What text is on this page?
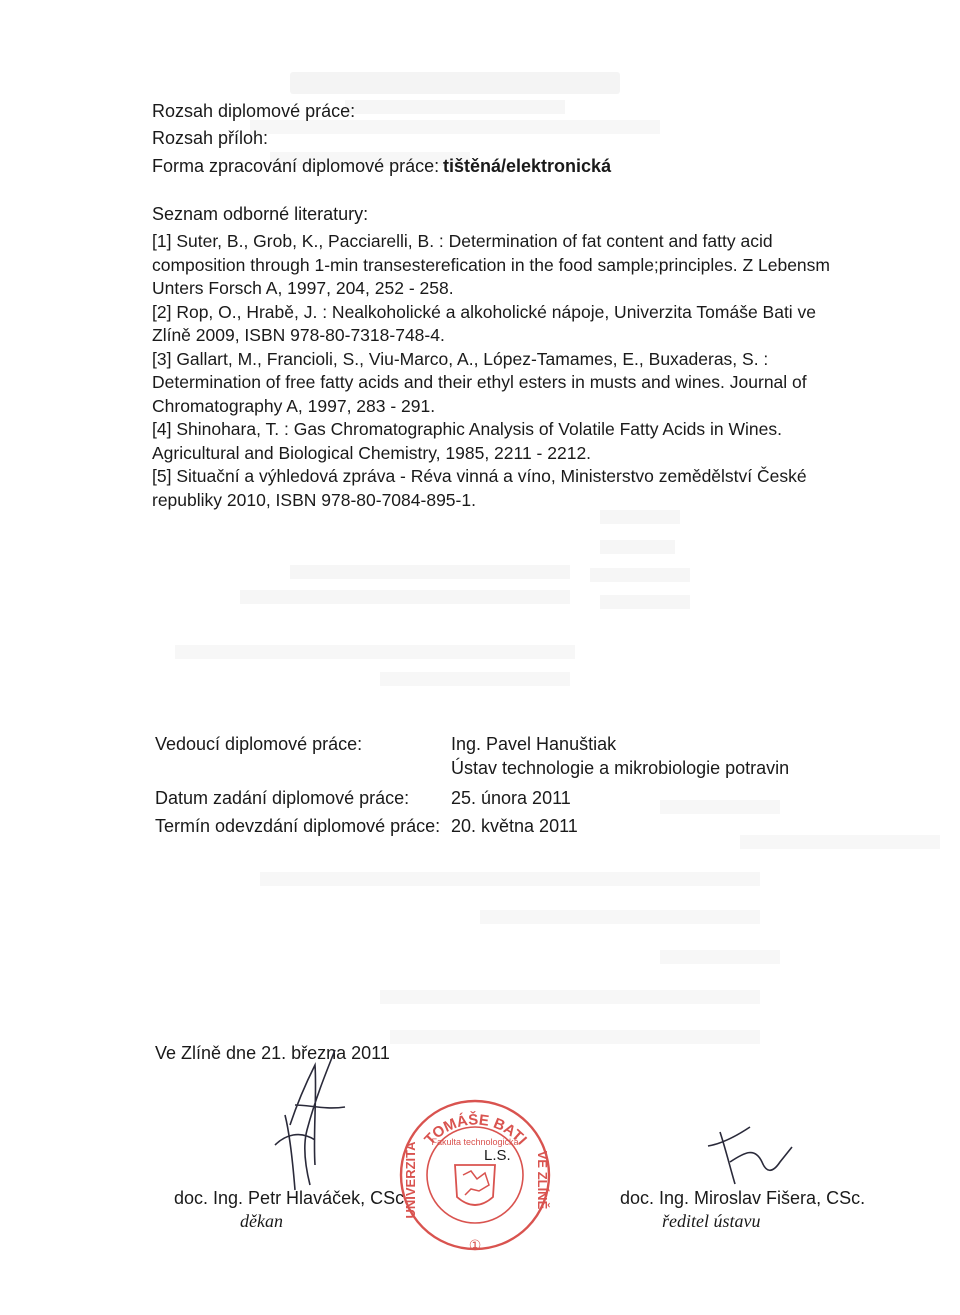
Rozsah diplomové práce:
Rozsah příloh:
Forma zpracování diplomové práce: tištěná/elektronická
Seznam odborné literatury:
[1] Suter, B., Grob, K., Pacciarelli, B. : Determination of fat content and fatty acid
composition through 1-min transesterefication in the food sample;principles. Z Lebensm
Unters Forsch A, 1997, 204, 252 - 258.
[2] Rop, O., Hrabě, J. : Nealkoholické a alkoholické nápoje, Univerzita Tomáše Bati ve
Zlíně 2009, ISBN 978-80-7318-748-4.
[3] Gallart, M., Francioli, S., Viu-Marco, A., López-Tamames, E., Buxaderas, S. :
Determination of free fatty acids and their ethyl esters in musts and wines. Journal of
Chromatography A, 1997, 283 - 291.
[4] Shinohara, T. : Gas Chromatographic Analysis of Volatile Fatty Acids in Wines.
Agricultural and Biological Chemistry, 1985, 2211 - 2212.
[5] Situační a výhledová zpráva - Réva vinná a víno, Ministerstvo zemědělství České
republiky 2010, ISBN 978-80-7084-895-1.
Vedoucí diplomové práce:	Ing. Pavel Hanuštiak
Ústav technologie a mikrobiologie potravin
Datum zadání diplomové práce: 25. února 2011
Termín odevzdání diplomové práce: 20. května 2011
Ve Zlíně dne 21. března 2011
doc. Ing. Petr Hlaváček, CSc.
děkan
TOMÁŠE BATI
UNIVERZITA	VE ZLÍNĚ
Fakulta technologická
①
L.S.
doc. Ing. Miroslav Fišera, CSc.
ředitel ústavu
